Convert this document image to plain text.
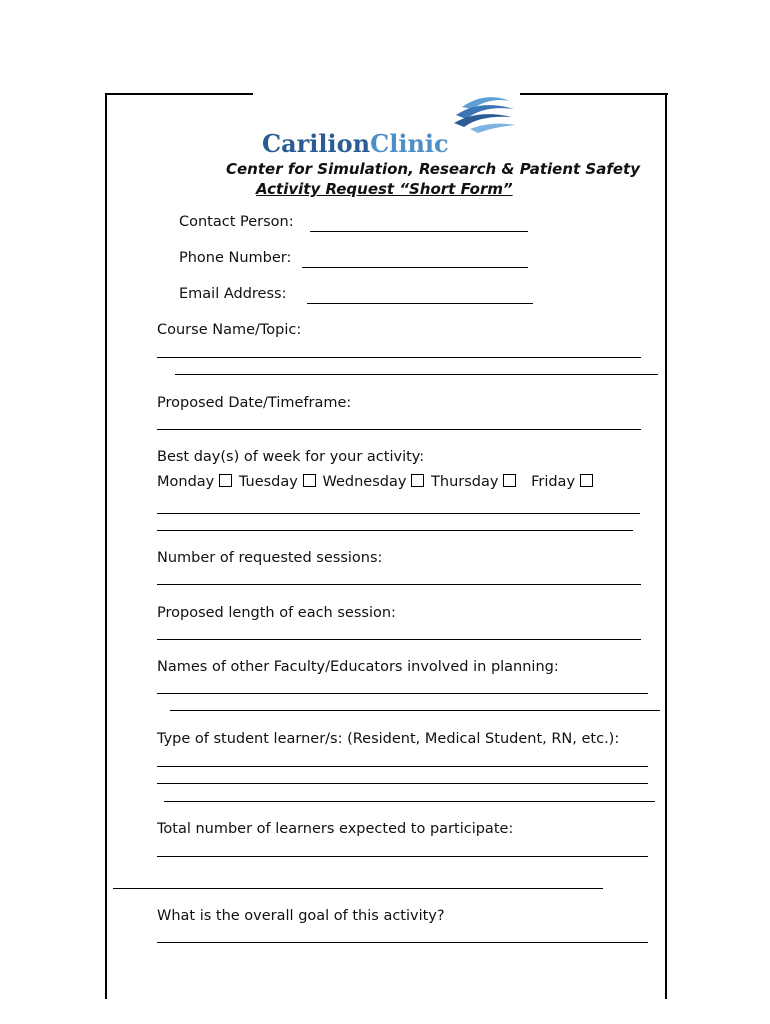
CarilionClinic
Center for Simulation, Research & Patient Safety
Activity Request “Short Form”
Contact Person:
Phone Number:
Email Address:
Course Name/Topic:
Proposed Date/Timeframe:
Best day(s) of week for your activity:
Monday Tuesday Wednesday Thursday Friday
Number of requested sessions:
Proposed length of each session:
Names of other Faculty/Educators involved in planning:
Type of student learner/s: (Resident, Medical Student, RN, etc.):
Total number of learners expected to participate:
What is the overall goal of this activity?
